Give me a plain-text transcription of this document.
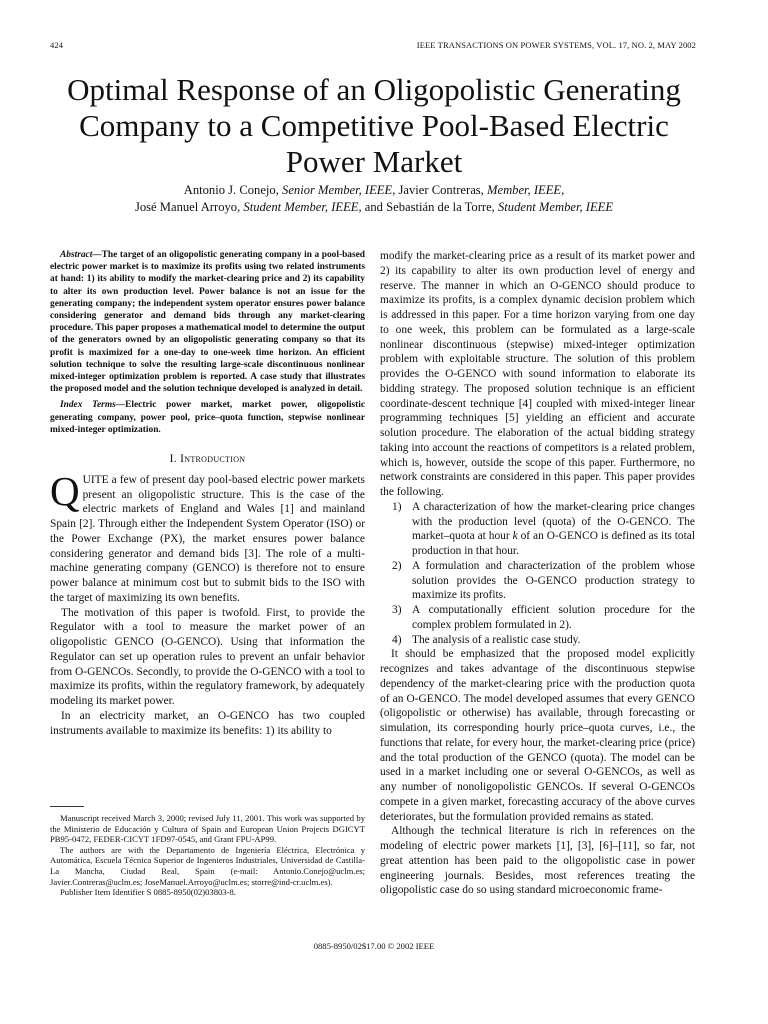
424	IEEE TRANSACTIONS ON POWER SYSTEMS, VOL. 17, NO. 2, MAY 2002
Optimal Response of an Oligopolistic Generating Company to a Competitive Pool-Based Electric Power Market
Antonio J. Conejo, Senior Member, IEEE, Javier Contreras, Member, IEEE,
José Manuel Arroyo, Student Member, IEEE, and Sebastián de la Torre, Student Member, IEEE

Abstract—The target of an oligopolistic generating company in a pool-based electric power market is to maximize its profits using two related instruments at hand: 1) its ability to modify the market-clearing price and 2) its capability to alter its own production level. Power balance is not an issue for the generating company; the independent system operator ensures power balance considering generator and demand bids through any market-clearing procedure. This paper proposes a mathematical model to determine the output of the generators owned by an oligopolistic generating company so that its profit is maximized for a one-day to one-week time horizon. An efficient solution technique to solve the resulting large-scale discontinuous nonlinear mixed-integer optimization problem is reported. A case study that illustrates the proposed model and the solution technique developed is analyzed in detail.

Index Terms—Electric power market, market power, oligopolistic generating company, power pool, price–quota function, stepwise nonlinear mixed-integer optimization.

I. Introduction

QUITE a few of present day pool-based electric power markets present an oligopolistic structure. This is the case of the electric markets of England and Wales [1] and mainland Spain [2]. Through either the Independent System Operator (ISO) or the Power Exchange (PX), the market ensures power balance considering generator and demand bids [3]. The role of a multi-machine generating company (GENCO) is therefore not to ensure power balance at minimum cost but to submit bids to the ISO with the target of maximizing its own benefits.

The motivation of this paper is twofold. First, to provide the Regulator with a tool to measure the market power of an oligopolistic GENCO (O-GENCO). Using that information the Regulator can set up operation rules to prevent an unfair behavior from O-GENCOs. Secondly, to provide the O-GENCO with a tool to maximize its profits, within the regulatory framework, by adequately modeling its market power.

In an electricity market, an O-GENCO has two coupled instruments available to maximize its benefits: 1) its ability to

Manuscript received March 3, 2000; revised July 11, 2001. This work was supported by the Ministerio de Educación y Cultura of Spain and European Union Projects DGICYT PB95-0472, FEDER-CICYT 1FD97-0545, and Grant FPU-AP99.

The authors are with the Departamento de Ingeniería Eléctrica, Electrónica y Automática, Escuela Técnica Superior de Ingenieros Industriales, Universidad de Castilla-La Mancha, Ciudad Real, Spain (e-mail: Antonio.Conejo@uclm.es; Javier.Contreras@uclm.es; JoseManuel.Arroyo@uclm.es; storre@ind-cr.uclm.es).

Publisher Item Identifier S 0885-8950(02)03803-8.

modify the market-clearing price as a result of its market power and 2) its capability to alter its own production level of energy and reserve. The manner in which an O-GENCO should produce to maximize its profits, is a complex dynamic decision problem which is addressed in this paper. For a time horizon varying from one day to one week, this problem can be formulated as a large-scale nonlinear discontinuous (stepwise) mixed-integer optimization problem with exploitable structure. The solution of this problem provides the O-GENCO with sound information to elaborate its bidding strategy. The proposed solution technique is an efficient coordinate-descent technique [4] coupled with mixed-integer linear programming techniques [5] yielding an efficient and accurate solution procedure. The elaboration of the actual bidding strategy taking into account the reactions of competitors is a related problem, which is, however, outside the scope of this paper. Furthermore, no network constraints are considered in this paper. This paper provides the following.

1) A characterization of how the market-clearing price changes with the production level (quota) of the O-GENCO. The market–quota at hour k of an O-GENCO is defined as its total production in that hour.
2) A formulation and characterization of the problem whose solution provides the O-GENCO production strategy to maximize its profits.
3) A computationally efficient solution procedure for the complex problem formulated in 2).
4) The analysis of a realistic case study.

It should be emphasized that the proposed model explicitly recognizes and takes advantage of the discontinuous stepwise dependency of the market-clearing price with the production quota of an O-GENCO. The model developed assumes that every GENCO (oligopolistic or otherwise) has available, through forecasting or simulation, its corresponding hourly price–quota curves, i.e., the functions that relate, for every hour, the market-clearing price (price) and the total production of the GENCO (quota). The model can be used in a market including one or several O-GENCOs, as well as any number of nonoligopolistic GENCOs. If several O-GENCOs compete in a given market, forecasting accuracy of the above curves deteriorates, but the formulation provided remains as stated.

Although the technical literature is rich in references on the modeling of electric power markets [1], [3], [6]–[11], so far, not great attention has been paid to the oligopolistic case in power engineering journals. Besides, most references treating the oligopolistic case do so using standard microeconomic frame-

0885-8950/02$17.00 © 2002 IEEE
